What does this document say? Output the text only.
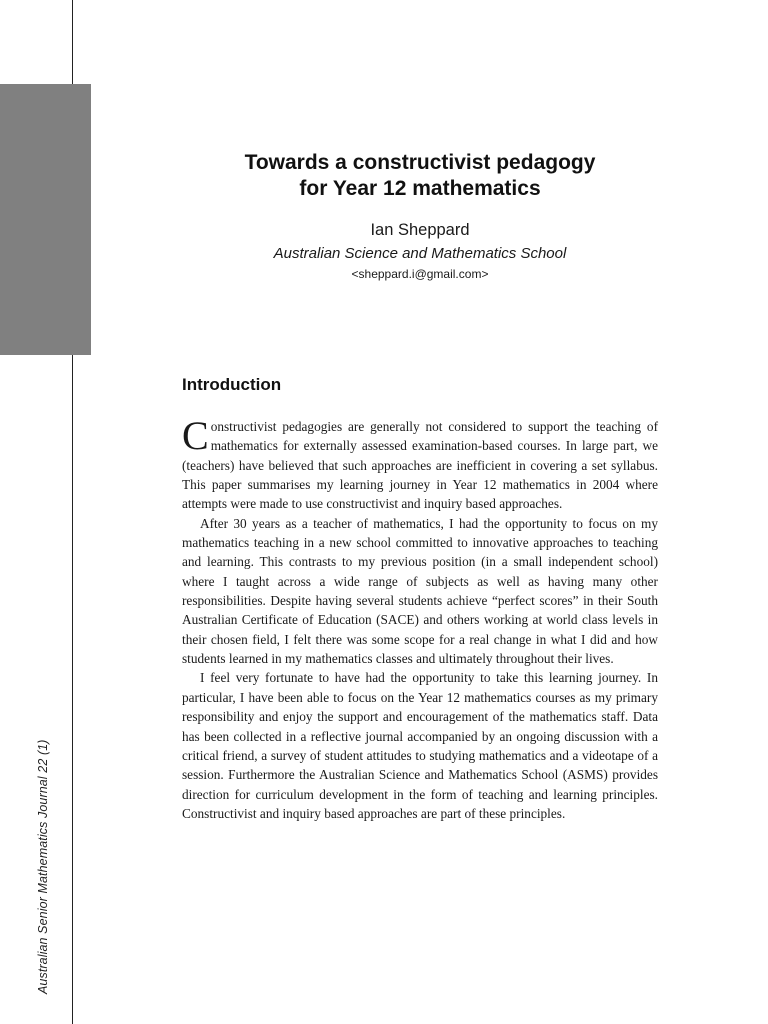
Australian Senior Mathematics Journal 22 (1)
Towards a constructivist pedagogy
for Year 12 mathematics
Ian Sheppard
Australian Science and Mathematics School
<sheppard.i@gmail.com>
Introduction

Constructivist pedagogies are generally not considered to support the teaching of mathematics for externally assessed examination-based courses. In large part, we (teachers) have believed that such approaches are inefficient in covering a set syllabus. This paper summarises my learning journey in Year 12 mathematics in 2004 where attempts were made to use constructivist and inquiry based approaches.

After 30 years as a teacher of mathematics, I had the opportunity to focus on my mathematics teaching in a new school committed to innovative approaches to teaching and learning. This contrasts to my previous position (in a small independent school) where I taught across a wide range of subjects as well as having many other responsibilities. Despite having several students achieve “perfect scores” in their South Australian Certificate of Education (SACE) and others working at world class levels in their chosen field, I felt there was some scope for a real change in what I did and how students learned in my mathematics classes and ultimately throughout their lives.

I feel very fortunate to have had the opportunity to take this learning journey. In particular, I have been able to focus on the Year 12 mathematics courses as my primary responsibility and enjoy the support and encouragement of the mathematics staff. Data has been collected in a reflective journal accompanied by an ongoing discussion with a critical friend, a survey of student attitudes to studying mathematics and a videotape of a session. Furthermore the Australian Science and Mathematics School (ASMS) provides direction for curriculum development in the form of teaching and learning principles. Constructivist and inquiry based approaches are part of these principles.
